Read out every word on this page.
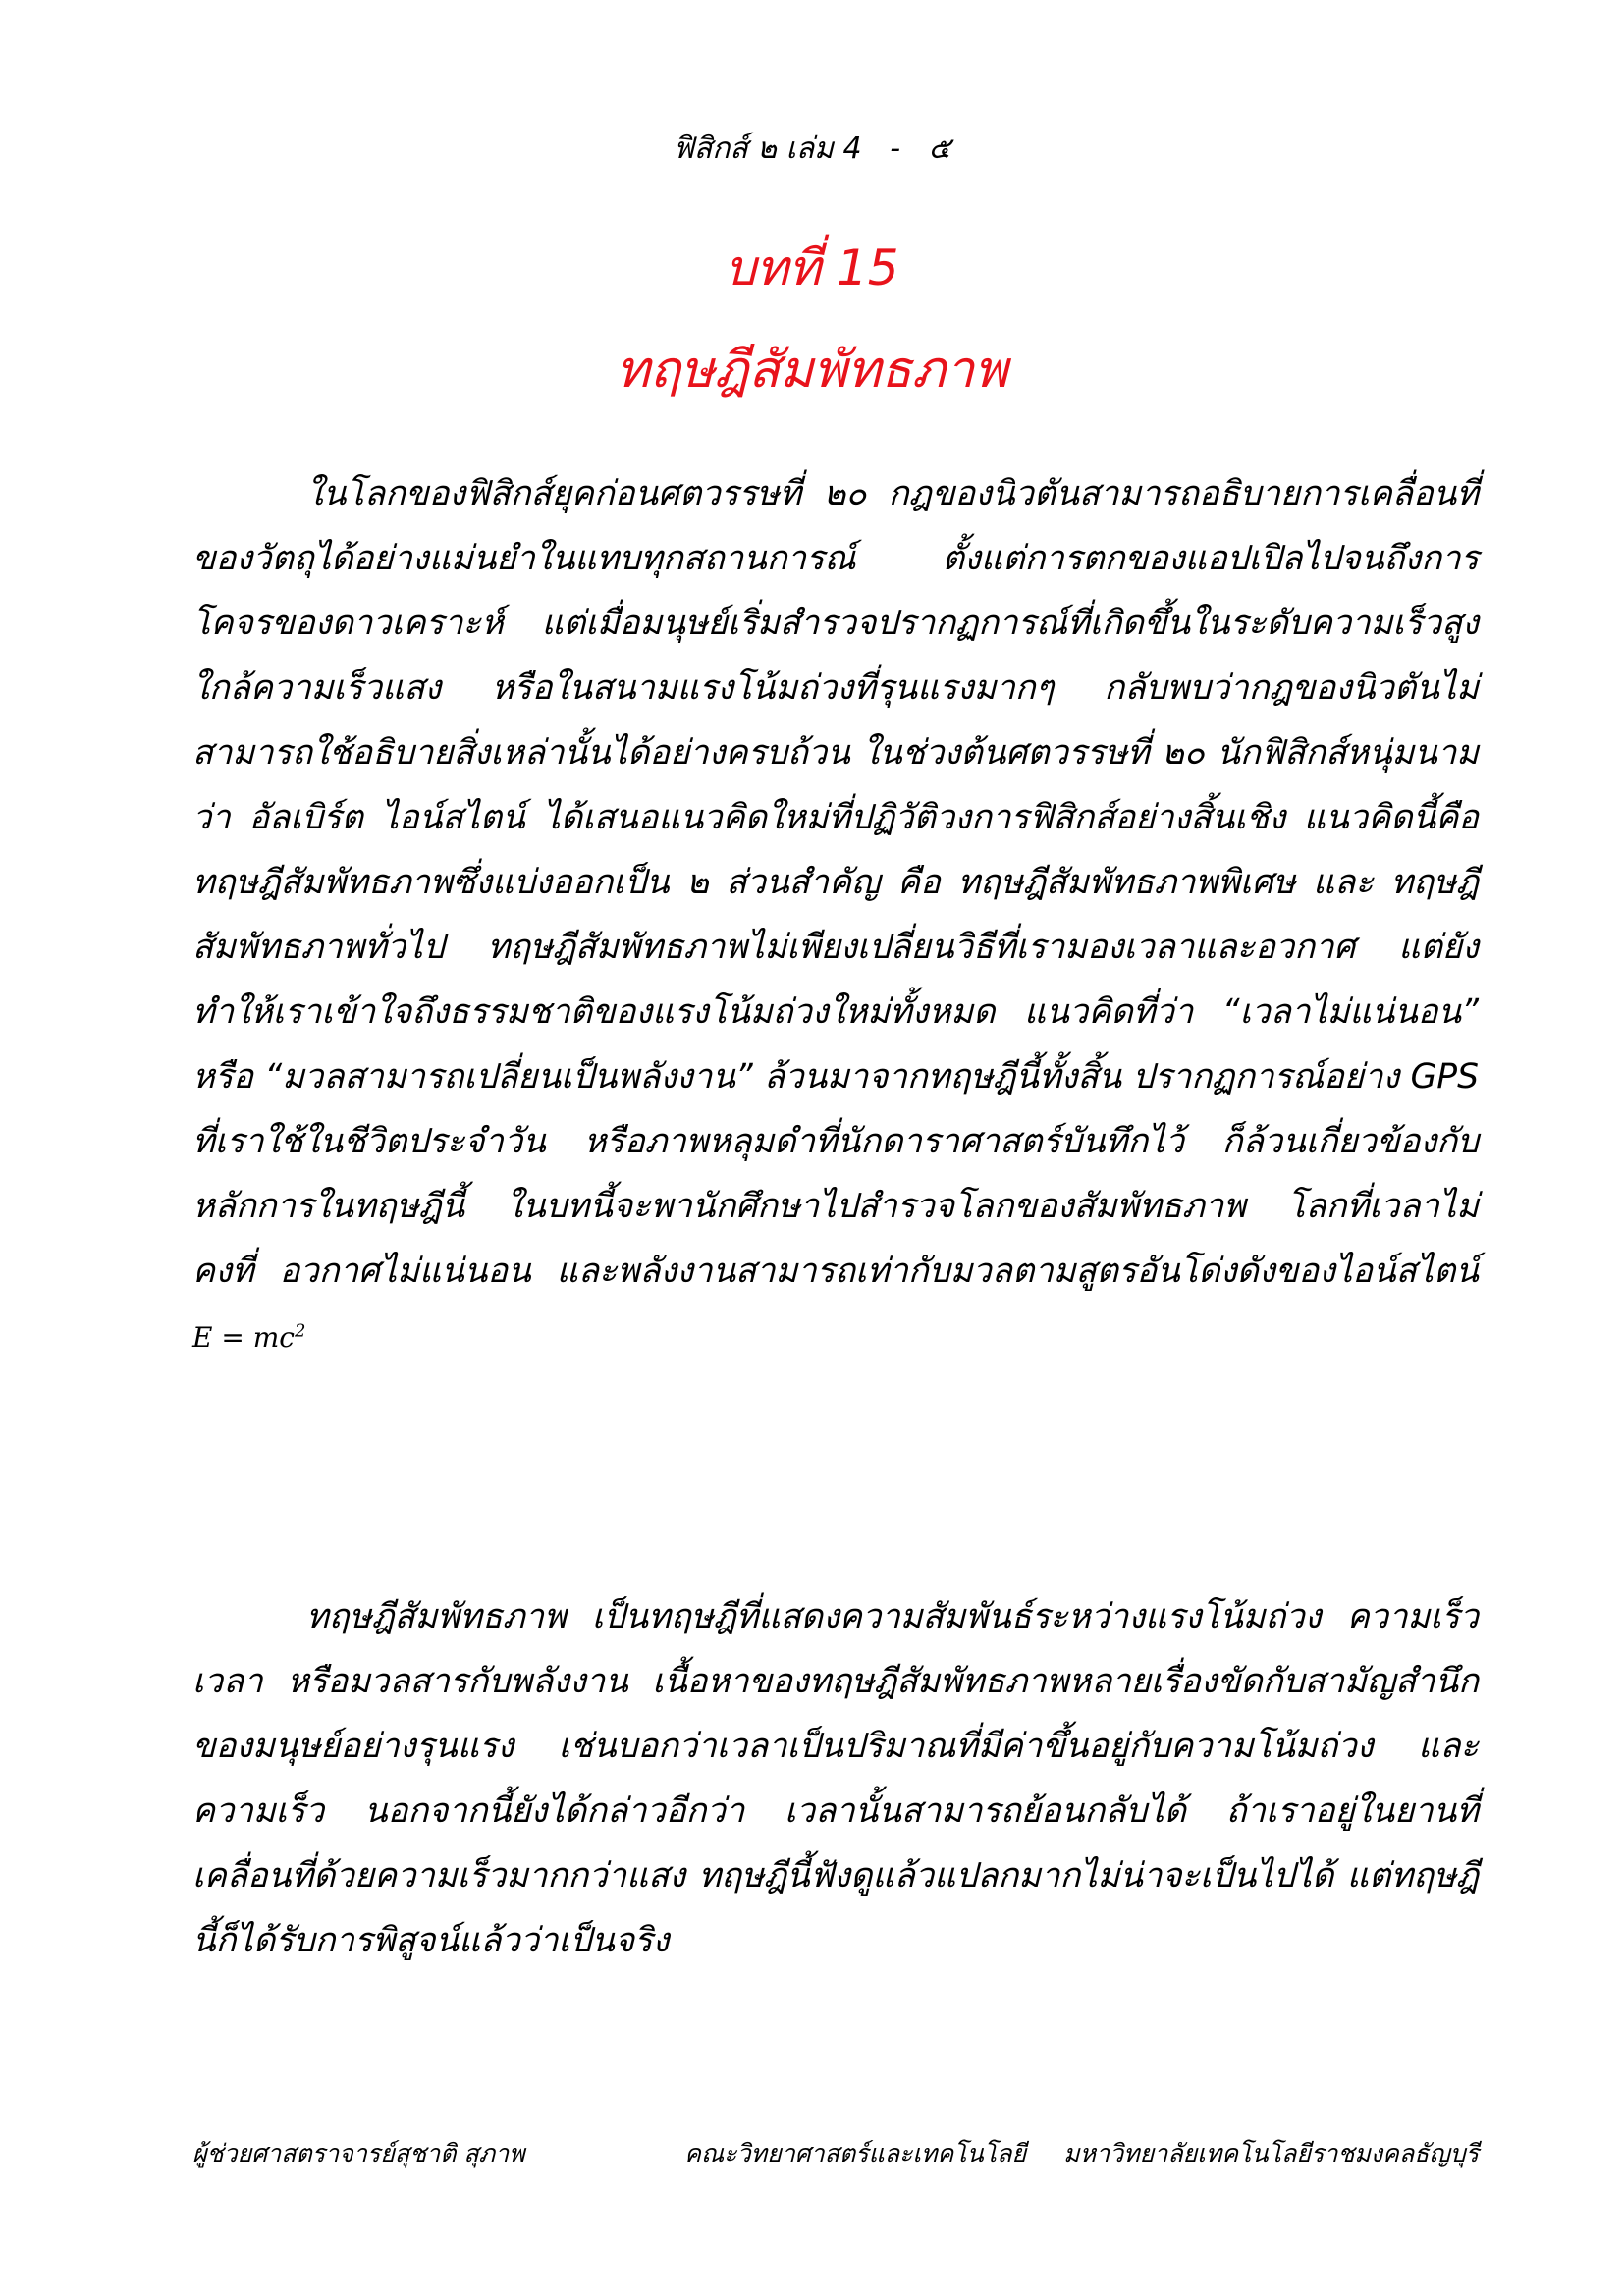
ฟิสิกส์ ๒ เล่ม 4   -   ๕
บทที่ 15
ทฤษฎีสัมพัทธภาพ

ในโลกของฟิสิกส์ยุคก่อนศตวรรษที่ ๒๐ กฎของนิวตันสามารถอธิบายการเคลื่อนที่ของวัตถุได้อย่างแม่นยำในแทบทุกสถานการณ์ ตั้งแต่การตกของแอปเปิลไปจนถึงการโคจรของดาวเคราะห์ แต่เมื่อมนุษย์เริ่มสำรวจปรากฏการณ์ที่เกิดขึ้นในระดับความเร็วสูงใกล้ความเร็วแสง หรือในสนามแรงโน้มถ่วงที่รุนแรงมากๆ กลับพบว่ากฎของนิวตันไม่สามารถใช้อธิบายสิ่งเหล่านั้นได้อย่างครบถ้วน ในช่วงต้นศตวรรษที่ ๒๐ นักฟิสิกส์หนุ่มนามว่า อัลเบิร์ต ไอน์สไตน์ ได้เสนอแนวคิดใหม่ที่ปฏิวัติวงการฟิสิกส์อย่างสิ้นเชิง แนวคิดนี้คือ ทฤษฎีสัมพัทธภาพซึ่งแบ่งออกเป็น ๒ ส่วนสำคัญ คือ ทฤษฎีสัมพัทธภาพพิเศษ และ ทฤษฎีสัมพัทธภาพทั่วไป ทฤษฎีสัมพัทธภาพไม่เพียงเปลี่ยนวิธีที่เรามองเวลาและอวกาศ แต่ยังทำให้เราเข้าใจถึงธรรมชาติของแรงโน้มถ่วงใหม่ทั้งหมด แนวคิดที่ว่า “เวลาไม่แน่นอน” หรือ “มวลสามารถเปลี่ยนเป็นพลังงาน” ล้วนมาจากทฤษฎีนี้ทั้งสิ้น ปรากฏการณ์อย่าง GPS ที่เราใช้ในชีวิตประจำวัน หรือภาพหลุมดำที่นักดาราศาสตร์บันทึกไว้ ก็ล้วนเกี่ยวข้องกับหลักการในทฤษฎีนี้ ในบทนี้จะพานักศึกษาไปสำรวจโลกของสัมพัทธภาพ โลกที่เวลาไม่คงที่ อวกาศไม่แน่นอน และพลังงานสามารถเท่ากับมวลตามสูตรอันโด่งดังของไอน์สไตน์$E = mc^2$

ทฤษฎีสัมพัทธภาพ เป็นทฤษฎีที่แสดงความสัมพันธ์ระหว่างแรงโน้มถ่วง ความเร็ว เวลา หรือมวลสารกับพลังงาน เนื้อหาของทฤษฎีสัมพัทธภาพหลายเรื่องขัดกับสามัญสำนึกของมนุษย์อย่างรุนแรง เช่นบอกว่าเวลาเป็นปริมาณที่มีค่าขึ้นอยู่กับความโน้มถ่วง และความเร็ว นอกจากนี้ยังได้กล่าวอีกว่า เวลานั้นสามารถย้อนกลับได้ ถ้าเราอยู่ในยานที่เคลื่อนที่ด้วยความเร็วมากกว่าแสง ทฤษฎีนี้ฟังดูแล้วแปลกมากไม่น่าจะเป็นไปได้ แต่ทฤษฎีนี้ก็ได้รับการพิสูจน์แล้วว่าเป็นจริง

ผู้ช่วยศาสตราจารย์สุชาติ สุภาพ	คณะวิทยาศาสตร์และเทคโนโลยี มหาวิทยาลัยเทคโนโลยีราชมงคลธัญบุรี
